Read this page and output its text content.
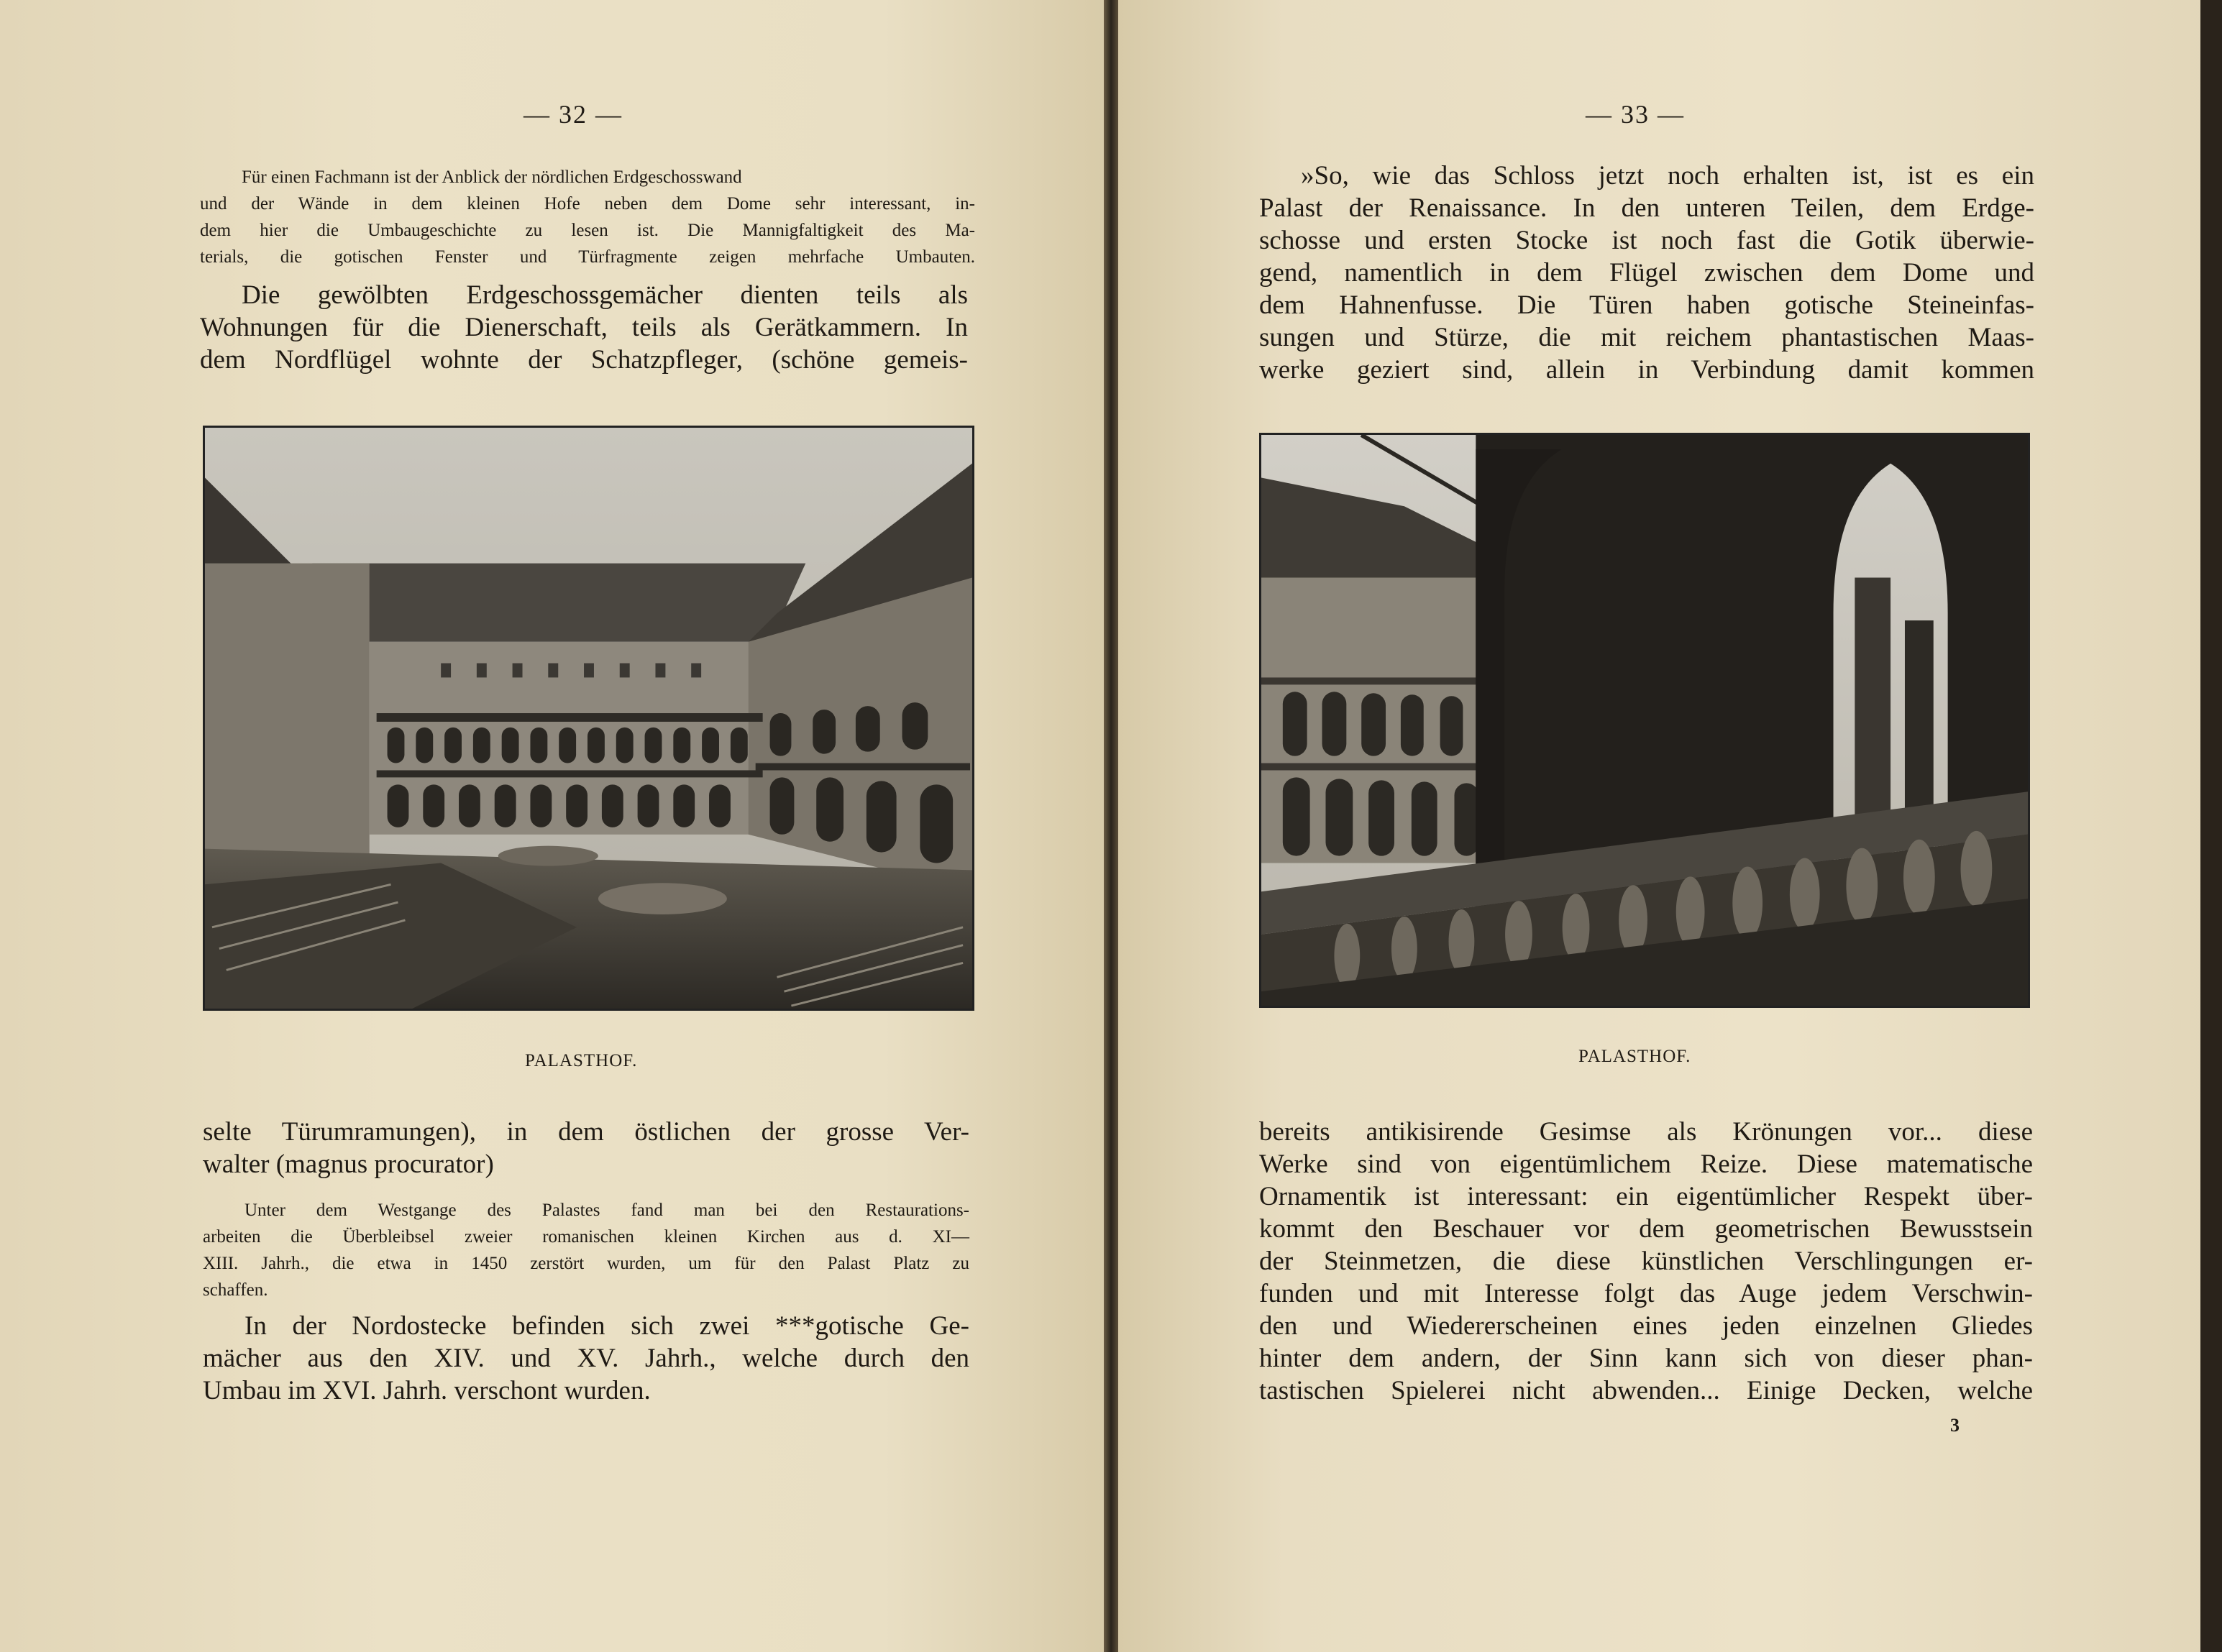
— 32 —

Für einen Fachmann ist der Anblick der nördlichen Erdgeschosswand

und der Wände in dem kleinen Hofe neben dem Dome sehr interessant, in-

dem hier die Umbaugeschichte zu lesen ist. Die Mannigfaltigkeit des Ma-

terials, die gotischen Fenster und Türfragmente zeigen mehrfache Umbauten.

Die gewölbten Erdgeschossgemächer dienten teils als

Wohnungen für die Dienerschaft, teils als Gerätkammern. In

dem Nordflügel wohnte der Schatzpfleger, (schöne gemeis-

PALASTHOF.

selte Türumramungen), in dem östlichen der grosse Ver-

walter (magnus procurator)

Unter dem Westgange des Palastes fand man bei den Restaurations-

arbeiten die Überbleibsel zweier romanischen kleinen Kirchen aus d. XI—

XIII. Jahrh., die etwa in 1450 zerstört wurden, um für den Palast Platz zu

schaffen.

In der Nordostecke befinden sich zwei ***gotische Ge-

mächer aus den XIV. und XV. Jahrh., welche durch den

Umbau im XVI. Jahrh. verschont wurden.

— 33 —

»So, wie das Schloss jetzt noch erhalten ist, ist es ein

Palast der Renaissance. In den unteren Teilen, dem Erdge-

schosse und ersten Stocke ist noch fast die Gotik überwie-

gend, namentlich in dem Flügel zwischen dem Dome und

dem Hahnenfusse. Die Türen haben gotische Steineinfas-

sungen und Stürze, die mit reichem phantastischen Maas-

werke geziert sind, allein in Verbindung damit kommen

PALASTHOF.

bereits antikisirende Gesimse als Krönungen vor... diese

Werke sind von eigentümlichem Reize. Diese matematische

Ornamentik ist interessant: ein eigentümlicher Respekt über-

kommt den Beschauer vor dem geometrischen Bewusstsein

der Steinmetzen, die diese künstlichen Verschlingungen er-

funden und mit Interesse folgt das Auge jedem Verschwin-

den und Wiedererscheinen eines jeden einzelnen Gliedes

hinter dem andern, der Sinn kann sich von dieser phan-

tastischen Spielerei nicht abwenden... Einige Decken, welche

3
